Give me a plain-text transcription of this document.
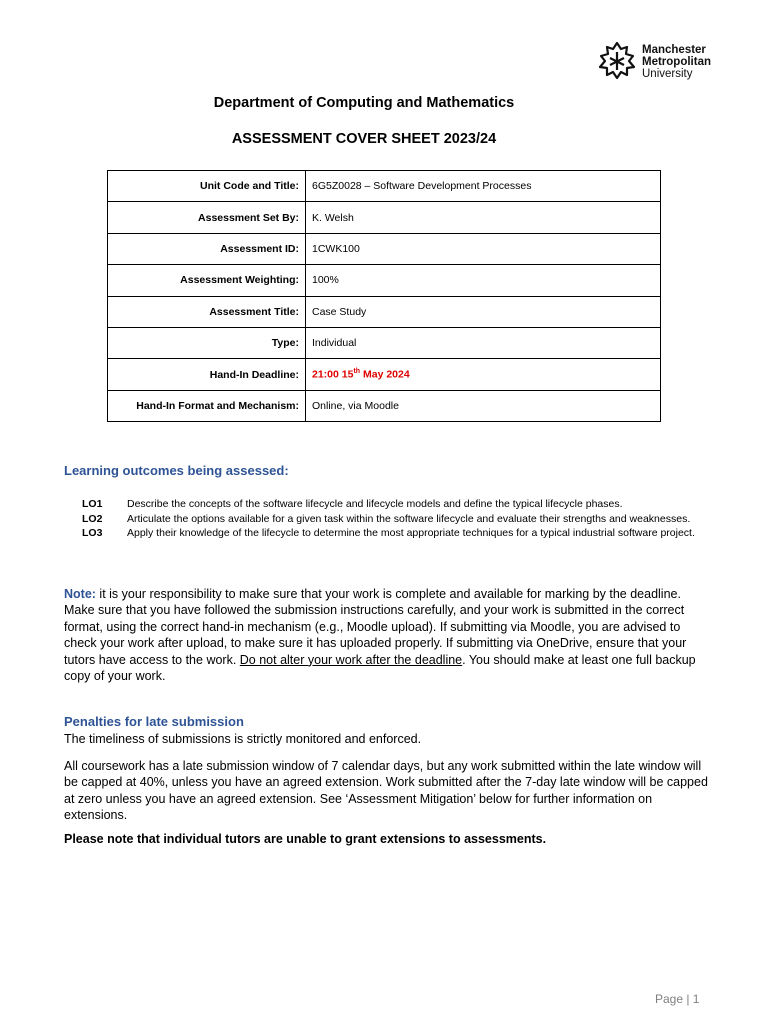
Manchester
Metropolitan
University
Department of Computing and Mathematics
ASSESSMENT COVER SHEET 2023/24
Unit Code and Title:	6G5Z0028 – Software Development Processes
Assessment Set By:	K. Welsh
Assessment ID:	1CWK100
Assessment Weighting:	100%
Assessment Title:	Case Study
Type:	Individual
Hand-In Deadline:	21:00 15th May 2024
Hand-In Format and Mechanism:	Online, via Moodle
Learning outcomes being assessed:
LO1	Describe the concepts of the software lifecycle and lifecycle models and define the typical lifecycle phases.
LO2	Articulate the options available for a given task within the software lifecycle and evaluate their strengths and weaknesses.
LO3	Apply their knowledge of the lifecycle to determine the most appropriate techniques for a typical industrial software project.
Note: it is your responsibility to make sure that your work is complete and available for marking by the deadline. Make sure that you have followed the submission instructions carefully, and your work is submitted in the correct format, using the correct hand-in mechanism (e.g., Moodle upload). If submitting via Moodle, you are advised to check your work after upload, to make sure it has uploaded properly. If submitting via OneDrive, ensure that your tutors have access to the work. Do not alter your work after the deadline. You should make at least one full backup copy of your work.
Penalties for late submission
The timeliness of submissions is strictly monitored and enforced.
All coursework has a late submission window of 7 calendar days, but any work submitted within the late window will be capped at 40%, unless you have an agreed extension. Work submitted after the 7-day late window will be capped at zero unless you have an agreed extension. See ‘Assessment Mitigation’ below for further information on extensions.
Please note that individual tutors are unable to grant extensions to assessments.
Page | 1
